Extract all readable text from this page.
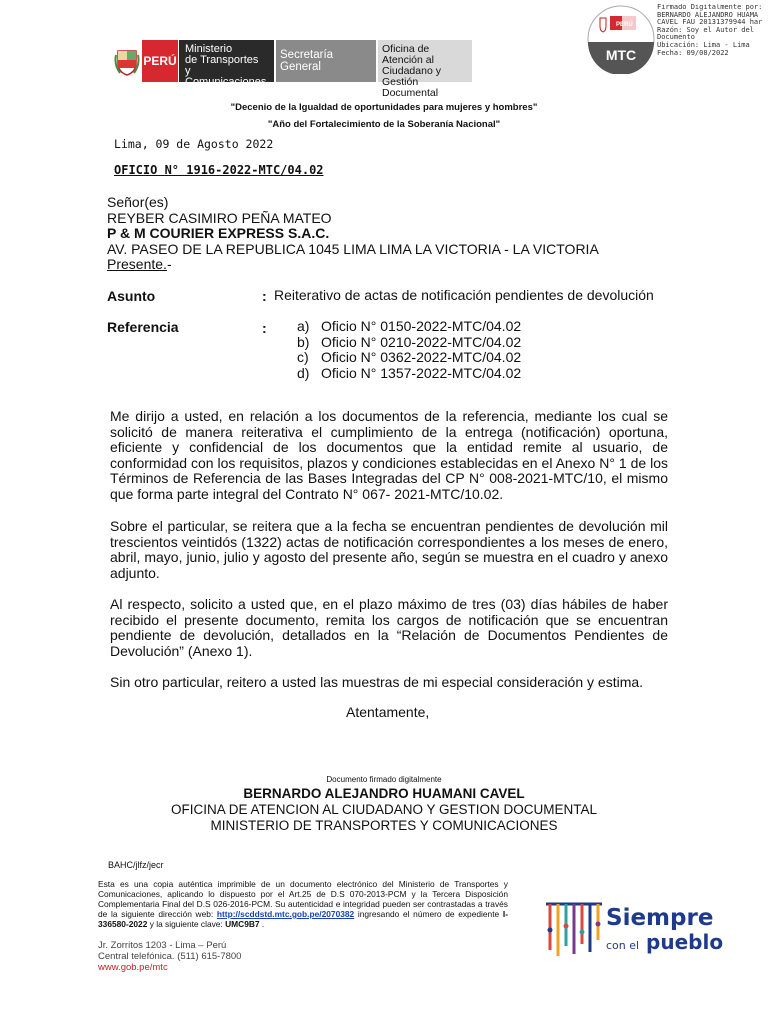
PERÚ
Ministerio
de Transportes
y Comunicaciones
Secretaría General
Oficina de Atención al
Ciudadano y Gestión
Documental
PERÚ
MTC
Firmado Digitalmente por:
BERNARDO ALEJANDRO HUAMA
CAVEL FAU 20131379944 har
Razón: Soy el Autor del
Documento
Ubicación: Lima - Lima
Fecha: 09/08/2022
"Decenio de la Igualdad de oportunidades para mujeres y hombres"
"Año del Fortalecimiento de la Soberanía Nacional"
Lima, 09 de Agosto 2022
OFICIO N° 1916-2022-MTC/04.02
Señor(es)
REYBER CASIMIRO PEÑA MATEO
P & M COURIER EXPRESS S.A.C.
AV. PASEO DE LA REPUBLICA 1045 LIMA LIMA LA VICTORIA - LA VICTORIA
Presente.-
Asunto	: Reiterativo de actas de notificación pendientes de devolución
Referencia	: a) Oficio N° 0150-2022-MTC/04.02
b) Oficio N° 0210-2022-MTC/04.02
c) Oficio N° 0362-2022-MTC/04.02
d) Oficio N° 1357-2022-MTC/04.02
Me dirijo a usted, en relación a los documentos de la referencia, mediante los cual se solicitó de manera reiterativa el cumplimiento de la entrega (notificación) oportuna, eficiente y confidencial de los documentos que la entidad remite al usuario, de conformidad con los requisitos, plazos y condiciones establecidas en el Anexo N° 1 de los Términos de Referencia de las Bases Integradas del CP N° 008-2021-MTC/10, el mismo que forma parte integral del Contrato N° 067- 2021-MTC/10.02.
Sobre el particular, se reitera que a la fecha se encuentran pendientes de devolución mil trescientos veintidós (1322) actas de notificación correspondientes a los meses de enero, abril, mayo, junio, julio y agosto del presente año, según se muestra en el cuadro y anexo adjunto.
Al respecto, solicito a usted que, en el plazo máximo de tres (03) días hábiles de haber recibido el presente documento, remita los cargos de notificación que se encuentran pendiente de devolución, detallados en la “Relación de Documentos Pendientes de Devolución” (Anexo 1).
Sin otro particular, reitero a usted las muestras de mi especial consideración y estima.
Atentamente,
Documento firmado digitalmente
BERNARDO ALEJANDRO HUAMANI CAVEL
OFICINA DE ATENCION AL CIUDADANO Y GESTION DOCUMENTAL
MINISTERIO DE TRANSPORTES Y COMUNICACIONES
BAHC/jlfz/jecr
Esta es una copia auténtica imprimible de un documento electrónico del Ministerio de Transportes y Comunicaciones, aplicando lo dispuesto por el Art.25 de D.S 070-2013-PCM y la Tercera Disposición Complementaria Final del D.S 026-2016-PCM. Su autenticidad e integridad pueden ser contrastadas a través de la siguiente dirección web: http://scddstd.mtc.gob.pe/2070382 ingresando el número de expediente I-336580-2022 y la siguiente clave: UMC9B7 .
Jr. Zorritos 1203 - Lima – Perú
Central telefónica. (511) 615-7800
www.gob.pe/mtc
Siempre
con el pueblo
